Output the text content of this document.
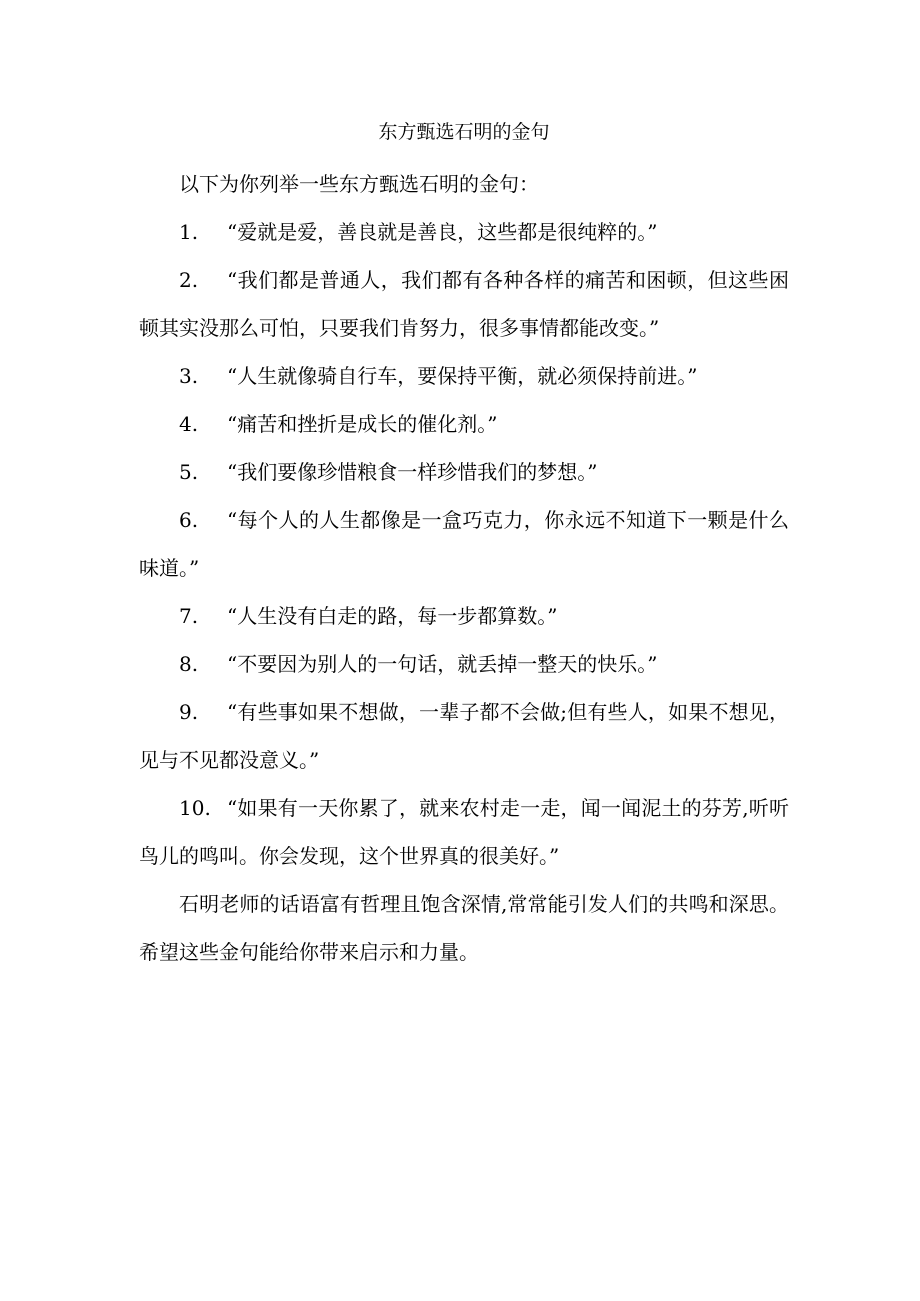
东方甄选石明的金句

以下为你列举一些东方甄选石明的金句：

1. “爱就是爱，善良就是善良，这些都是很纯粹的。”

2. “我们都是普通人，我们都有各种各样的痛苦和困顿，但这些困顿其实没那么可怕，只要我们肯努力，很多事情都能改变。”

3. “人生就像骑自行车，要保持平衡，就必须保持前进。”

4. “痛苦和挫折是成长的催化剂。”

5. “我们要像珍惜粮食一样珍惜我们的梦想。”

6. “每个人的人生都像是一盒巧克力，你永远不知道下一颗是什么味道。”

7. “人生没有白走的路，每一步都算数。”

8. “不要因为别人的一句话，就丢掉一整天的快乐。”

9. “有些事如果不想做，一辈子都不会做;但有些人，如果不想见，见与不见都没意义。”

10. “如果有一天你累了，就来农村走一走，闻一闻泥土的芬芳,听听鸟儿的鸣叫。你会发现，这个世界真的很美好。”

石明老师的话语富有哲理且饱含深情,常常能引发人们的共鸣和深思。希望这些金句能给你带来启示和力量。
